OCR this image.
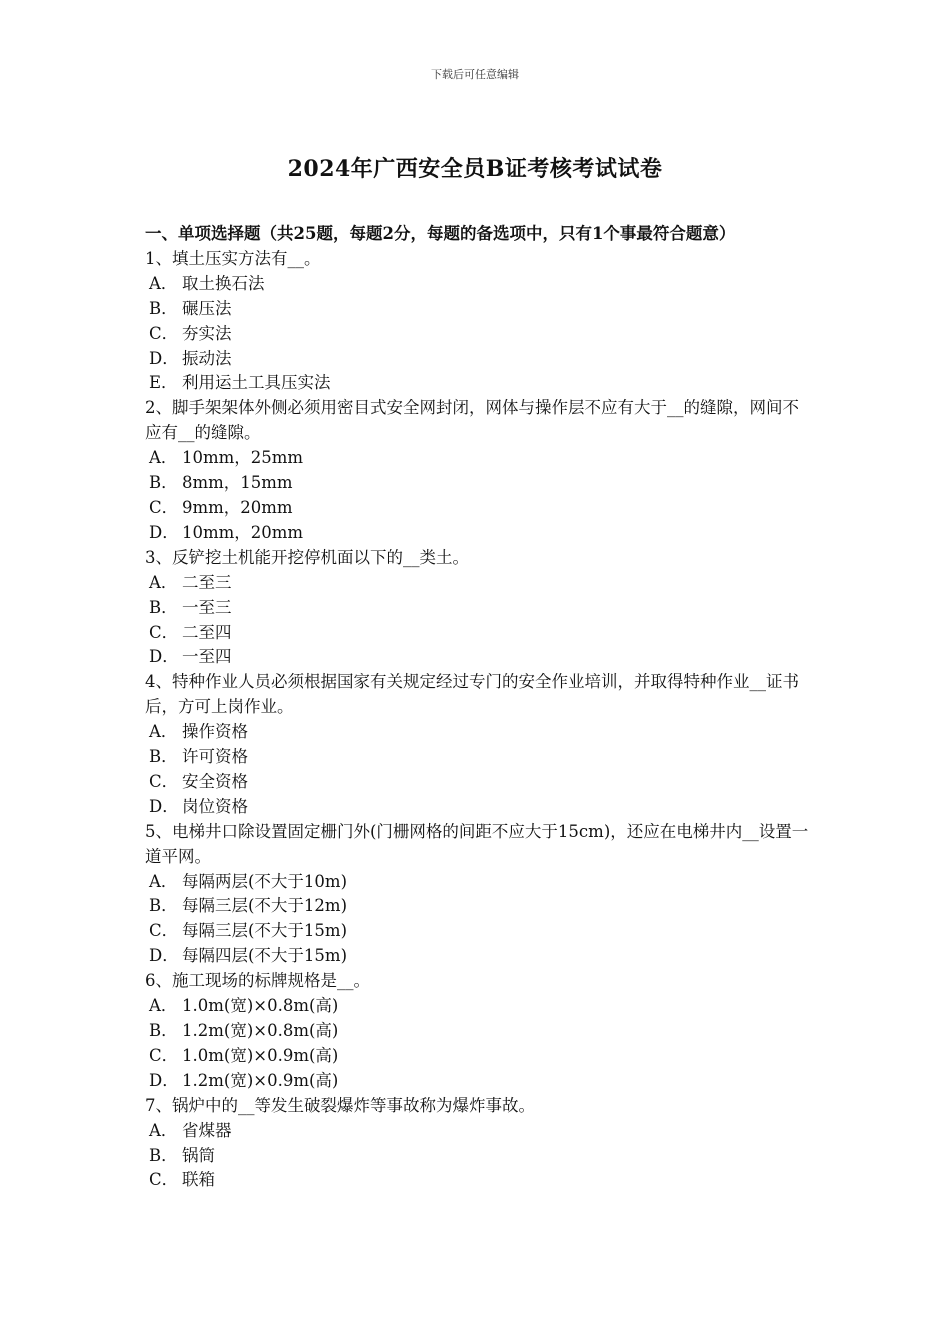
下载后可任意编辑
2024年广西安全员B证考核考试试卷
一、单项选择题（共25题，每题2分，每题的备选项中，只有1个事最符合题意）

1、填土压实方法有__。

A． 取土换石法
B． 碾压法
C． 夯实法
D． 振动法
E． 利用运土工具压实法

2、脚手架架体外侧必须用密目式安全网封闭，网体与操作层不应有大于__的缝隙，网间不应有__的缝隙。

A． 10mm，25mm
B． 8mm，15mm
C． 9mm，20mm
D． 10mm，20mm

3、反铲挖土机能开挖停机面以下的__类土。

A． 二至三
B． 一至三
C． 二至四
D． 一至四

4、特种作业人员必须根据国家有关规定经过专门的安全作业培训，并取得特种作业__证书后，方可上岗作业。

A． 操作资格
B． 许可资格
C． 安全资格
D． 岗位资格

5、电梯井口除设置固定栅门外(门栅网格的间距不应大于15cm)，还应在电梯井内__设置一道平网。

A． 每隔两层(不大于10m)
B． 每隔三层(不大于12m)
C． 每隔三层(不大于15m)
D． 每隔四层(不大于15m)

6、施工现场的标牌规格是__。

A． 1.0m(宽)×0.8m(高)
B． 1.2m(宽)×0.8m(高)
C． 1.0m(宽)×0.9m(高)
D． 1.2m(宽)×0.9m(高)

7、锅炉中的__等发生破裂爆炸等事故称为爆炸事故。

A． 省煤器
B． 锅筒
C． 联箱
